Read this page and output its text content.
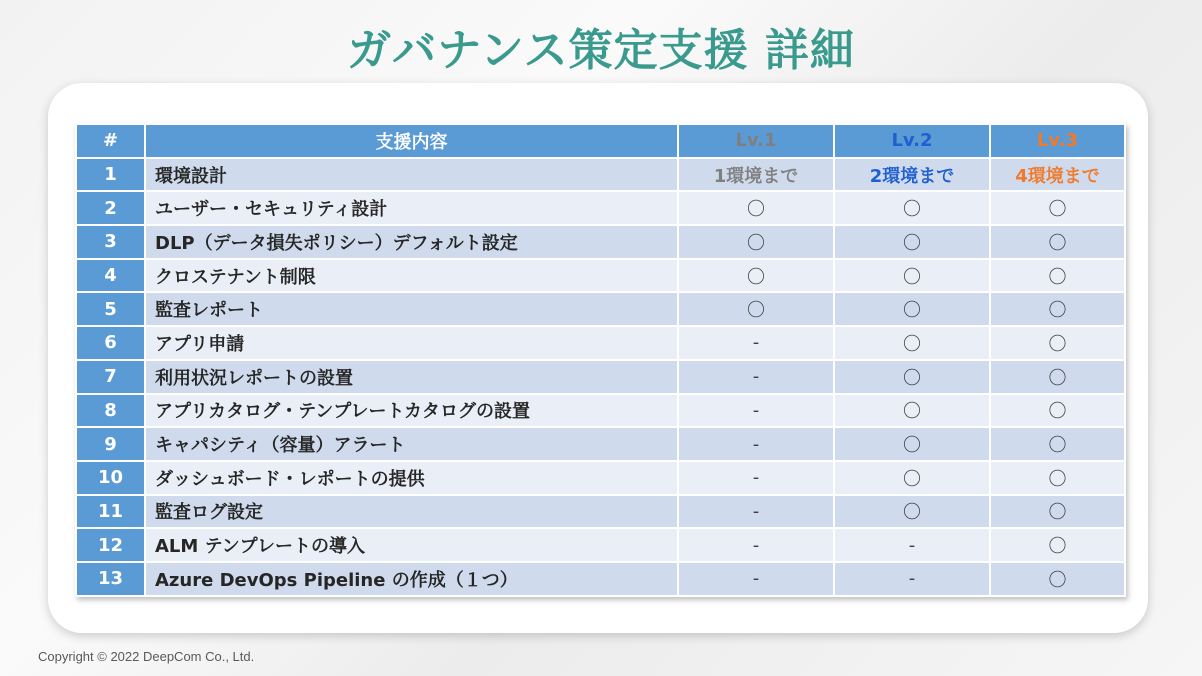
ガバナンス策定支援 詳細
#	支援内容	Lv.1	Lv.2	Lv.3
1	環境設計	1環境まで	2環境まで	4環境まで
2	ユーザー・セキュリティ設計	〇	〇	〇
3	DLP（データ損失ポリシー）デフォルト設定	〇	〇	〇
4	クロステナント制限	〇	〇	〇
5	監査レポート	〇	〇	〇
6	アプリ申請	-	〇	〇
7	利用状況レポートの設置	-	〇	〇
8	アプリカタログ・テンプレートカタログの設置	-	〇	〇
9	キャパシティ（容量）アラート	-	〇	〇
10	ダッシュボード・レポートの提供	-	〇	〇
11	監査ログ設定	-	〇	〇
12	ALM テンプレートの導入	-	-	〇
13	Azure DevOps Pipeline の作成（１つ）	-	-	〇
Copyright © 2022 DeepCom Co., Ltd.
